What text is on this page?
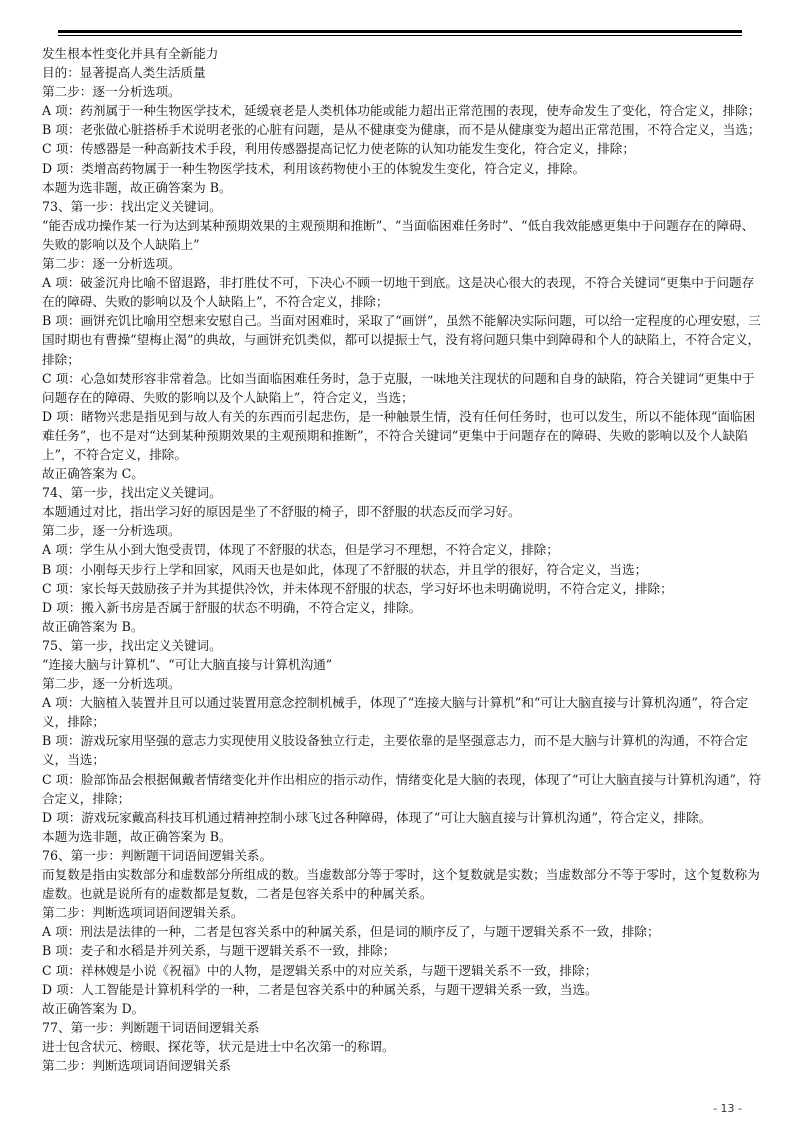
发生根本性变化并具有全新能力

目的：显著提高人类生活质量

第二步：逐一分析选项。

A 项：药剂属于一种生物医学技术，延缓衰老是人类机体功能或能力超出正常范围的表现，使寿命发生了变化，符合定义，排除；

B 项：老张做心脏搭桥手术说明老张的心脏有问题，是从不健康变为健康，而不是从健康变为超出正常范围，不符合定义，当选；

C 项：传感器是一种高新技术手段，利用传感器提高记忆力使老陈的认知功能发生变化，符合定义，排除；

D 项：类增高药物属于一种生物医学技术，利用该药物使小王的体貌发生变化，符合定义，排除。

本题为选非题，故正确答案为 B。

73、第一步：找出定义关键词。

“能否成功操作某一行为达到某种预期效果的主观预期和推断”、“当面临困难任务时”、“低自我效能感更集中于问题存在的障碍、失败的影响以及个人缺陷上”

第二步：逐一分析选项。

A 项：破釜沉舟比喻不留退路，非打胜仗不可，下决心不顾一切地干到底。这是决心很大的表现，不符合关键词“更集中于问题存在的障碍、失败的影响以及个人缺陷上”，不符合定义，排除；

B 项：画饼充饥比喻用空想来安慰自己。当面对困难时，采取了“画饼”，虽然不能解决实际问题，可以给一定程度的心理安慰，三国时期也有曹操“望梅止渴”的典故，与画饼充饥类似，都可以提振士气，没有将问题只集中到障碍和个人的缺陷上，不符合定义，排除；

C 项：心急如焚形容非常着急。比如当面临困难任务时，急于克服，一味地关注现状的问题和自身的缺陷，符合关键词“更集中于问题存在的障碍、失败的影响以及个人缺陷上”，符合定义，当选；

D 项：睹物兴悲是指见到与故人有关的东西而引起悲伤，是一种触景生情，没有任何任务时，也可以发生，所以不能体现“面临困难任务”，也不是对“达到某种预期效果的主观预期和推断”，不符合关键词“更集中于问题存在的障碍、失败的影响以及个人缺陷上”，不符合定义，排除。

故正确答案为 C。

74、第一步，找出定义关键词。

本题通过对比，指出学习好的原因是坐了不舒服的椅子，即不舒服的状态反而学习好。

第二步，逐一分析选项。

A 项：学生从小到大饱受责罚，体现了不舒服的状态，但是学习不理想，不符合定义，排除；

B 项：小刚每天步行上学和回家，风雨天也是如此，体现了不舒服的状态，并且学的很好，符合定义，当选；

C 项：家长每天鼓励孩子并为其提供冷饮，并未体现不舒服的状态，学习好坏也未明确说明，不符合定义，排除；

D 项：搬入新书房是否属于舒服的状态不明确，不符合定义，排除。

故正确答案为 B。

75、第一步，找出定义关键词。

“连接大脑与计算机”、“可让大脑直接与计算机沟通”

第二步，逐一分析选项。

A 项：大脑植入装置并且可以通过装置用意念控制机械手，体现了“连接大脑与计算机”和“可让大脑直接与计算机沟通”，符合定义，排除；

B 项：游戏玩家用坚强的意志力实现使用义肢设备独立行走，主要依靠的是坚强意志力，而不是大脑与计算机的沟通，不符合定义，当选；

C 项：脸部饰品会根据佩戴者情绪变化并作出相应的指示动作，情绪变化是大脑的表现，体现了“可让大脑直接与计算机沟通”，符合定义，排除；

D 项：游戏玩家戴高科技耳机通过精神控制小球飞过各种障碍，体现了“可让大脑直接与计算机沟通”，符合定义，排除。

本题为选非题，故正确答案为 B。

76、第一步：判断题干词语间逻辑关系。

而复数是指由实数部分和虚数部分所组成的数。当虚数部分等于零时，这个复数就是实数；当虚数部分不等于零时，这个复数称为虚数。也就是说所有的虚数都是复数，二者是包容关系中的种属关系。

第二步：判断选项词语间逻辑关系。

A 项：刑法是法律的一种，二者是包容关系中的种属关系，但是词的顺序反了，与题干逻辑关系不一致，排除；

B 项：麦子和水稻是并列关系，与题干逻辑关系不一致，排除；

C 项：祥林嫂是小说《祝福》中的人物，是逻辑关系中的对应关系，与题干逻辑关系不一致，排除；

D 项：人工智能是计算机科学的一种，二者是包容关系中的种属关系，与题干逻辑关系一致，当选。

故正确答案为 D。

77、第一步：判断题干词语间逻辑关系

进士包含状元、榜眼、探花等，状元是进士中名次第一的称谓。

第二步：判断选项词语间逻辑关系

- 13 -
